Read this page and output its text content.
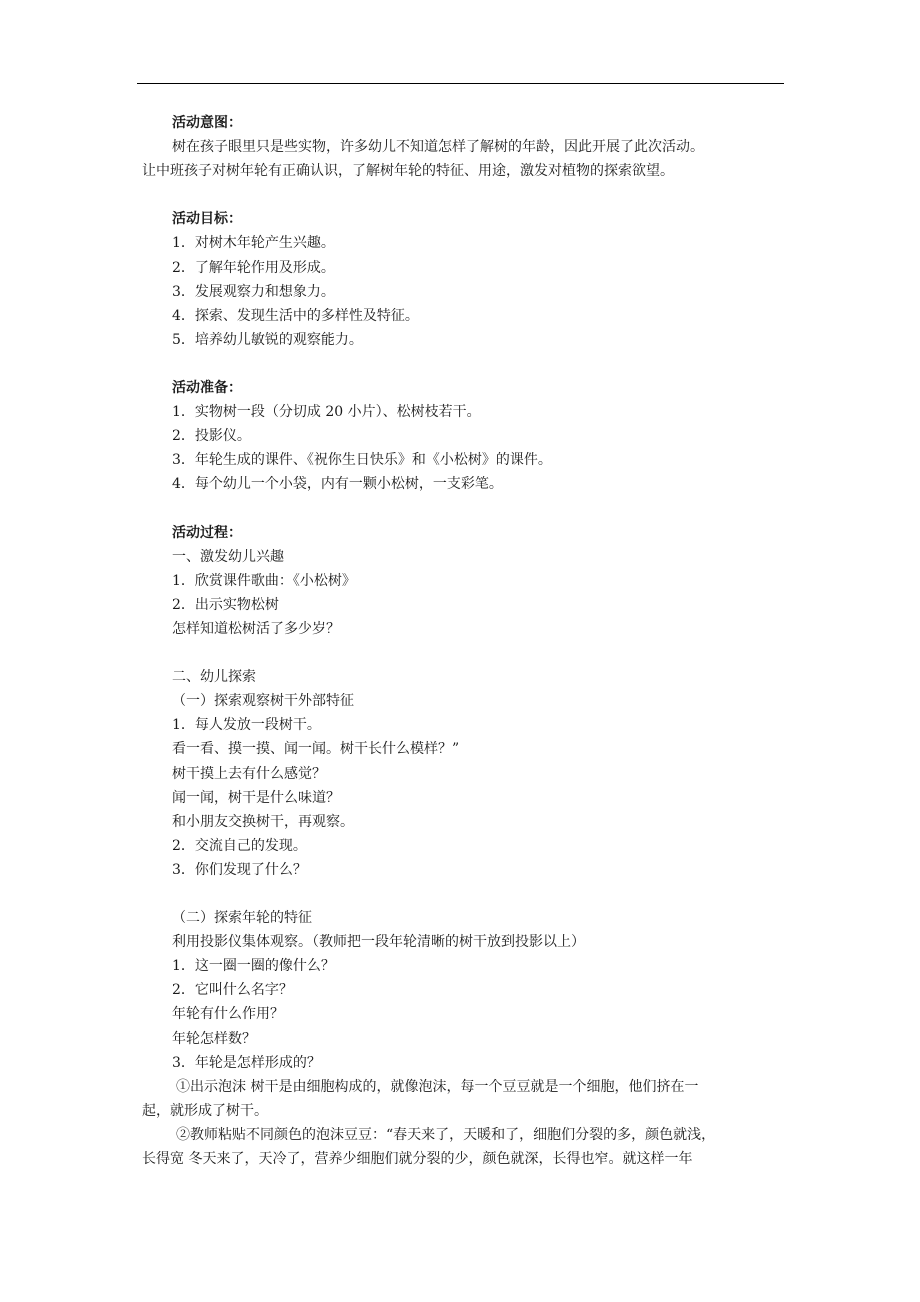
活动意图：
树在孩子眼里只是些实物，许多幼儿不知道怎样了解树的年龄，因此开展了此次活动。
让中班孩子对树年轮有正确认识，了解树年轮的特征、用途，激发对植物的探索欲望。
活动目标：
1．对树木年轮产生兴趣。
2．了解年轮作用及形成。
3．发展观察力和想象力。
4．探索、发现生活中的多样性及特征。
5．培养幼儿敏锐的观察能力。
活动准备：
1．实物树一段（分切成 20 小片）、松树枝若干。
2．投影仪。
3．年轮生成的课件、《祝你生日快乐》和《小松树》的课件。
4．每个幼儿一个小袋，内有一颗小松树，一支彩笔。
活动过程：
一、激发幼儿兴趣
1．欣赏课件歌曲：《小松树》
2．出示实物松树
怎样知道松树活了多少岁？
二、幼儿探索
（一）探索观察树干外部特征
1．每人发放一段树干。
看一看、摸一摸、闻一闻。树干长什么模样？”
树干摸上去有什么感觉？
闻一闻，树干是什么味道？
和小朋友交换树干，再观察。
2．交流自己的发现。
3．你们发现了什么？
（二）探索年轮的特征
利用投影仪集体观察。（教师把一段年轮清晰的树干放到投影以上）
1．这一圈一圈的像什么？
2．它叫什么名字？
年轮有什么作用？
年轮怎样数？
3．年轮是怎样形成的？
①出示泡沫 树干是由细胞构成的，就像泡沫，每一个豆豆就是一个细胞，他们挤在一
起，就形成了树干。
②教师粘贴不同颜色的泡沫豆豆：“春天来了，天暖和了，细胞们分裂的多，颜色就浅，
长得宽 冬天来了，天冷了，营养少细胞们就分裂的少，颜色就深，长得也窄。就这样一年
